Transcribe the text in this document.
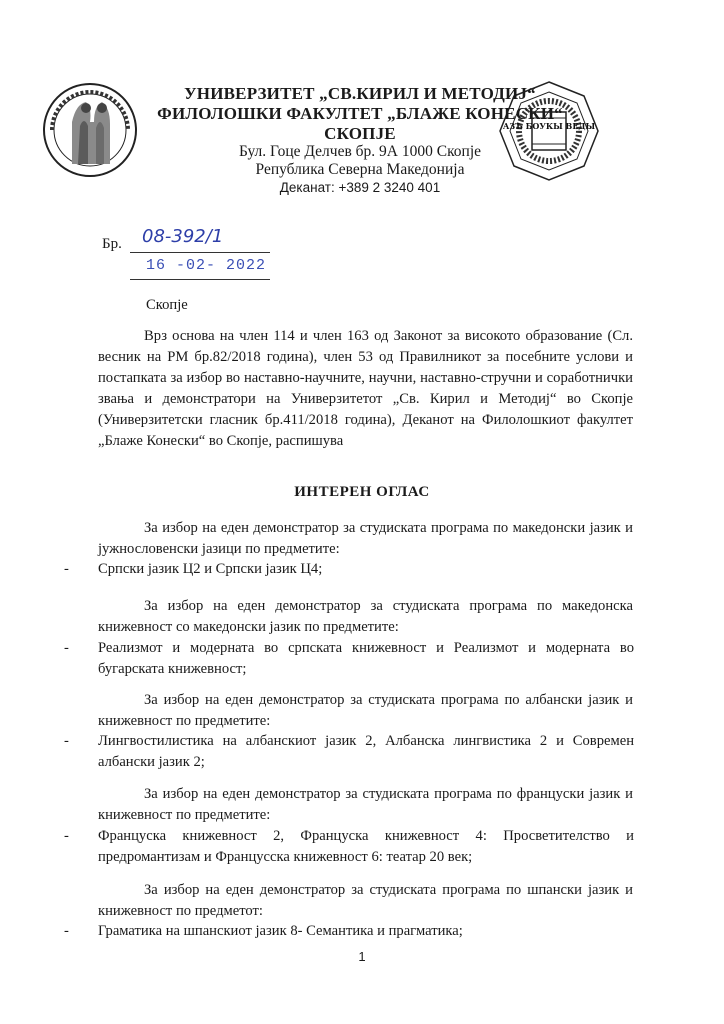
АЗЪ БОУКЫ ВЕДЫ
УНИВЕРЗИТЕТ „СВ.КИРИЛ И МЕТОДИЈ“
ФИЛОЛОШКИ ФАКУЛТЕТ „БЛАЖЕ КОНЕСКИ“
СКОПЈЕ
Бул. Гоце Делчев бр. 9А 1000 Скопје
Република Северна Македонија
Деканат: +389 2 3240 401
Бр. 08-392/1
16 -02- 2022
Скопје
Врз основа на член 114 и член 163 од Законот за високото образование (Сл. весник на РМ бр.82/2018 година), член 53 од Правилникот за посебните услови и постапката за избор во наставно-научните, научни, наставно-стручни и соработнички звања и демонстратори на Универзитетот „Св. Кирил и Методиј“ во Скопје (Универзитетски гласник бр.411/2018 година), Деканот на Филолошкиот факултет „Блаже Конески“ во Скопје, распишува
ИНТЕРЕН ОГЛАС
За избор на еден демонстратор за студиската програма по македонски јазик и јужнословенски јазици по предметите:
-	Српски јазик Ц2 и Српски јазик Ц4;
За избор на еден демонстратор за студиската програма по македонска книжевност со македонски јазик по предметите:
-	Реализмот и модерната во српската книжевност и Реализмот и модерната во бугарската книжевност;
За избор на еден демонстратор за студиската програма по албански јазик и книжевност по предметите:
-	Лингвостилистика на албанскиот јазик 2, Албанска лингвистика 2 и Современ албански јазик 2;
За избор на еден демонстратор за студиската програма по француски јазик и книжевност по предметите:
-	Француска книжевност 2, Француска книжевност 4: Просветителство и предромантизам и Францусска книжевност 6: театар 20 век;
За избор на еден демонстратор за студиската програма по шпански јазик и книжевност по предметот:
-	Граматика на шпанскиот јазик 8- Семантика и прагматика;
1
